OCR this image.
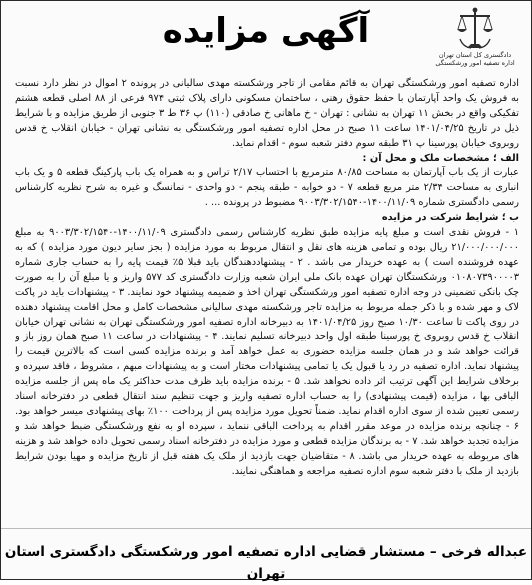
آگهی مزایده
دادگستری کل استان تهران
اداره تصفیه امور ورشکستگی

اداره تصفیه امور ورشکستگی تهران به قائم مقامی از تاجر ورشکسته مهدی سالیانی در پرونده ۲ اموال در نظر دارد نسبت به فروش یک واحد آپارتمان با حفظ حقوق رهنی ، ساختمان مسکونی دارای پلاک ثبتی ۹۷۴ فرعی از ۸۸ اصلی قطعه هشتم تفکیکی واقع در بخش ۱۱ تهران به نشانی : تهران - خ ماهانی خ صادقی (۱۱۰) پ ۳۶ ط ۳ جنوبی از طریق مزایده و با شرایط ذیل در تاریخ ۱۴۰۱/۰۴/۲۵ ساعت ۱۱ صبح در محل اداره تصفیه امور ورشکستگی به نشانی تهران - خیابان انقلاب خ قدس روبروی خیابان پورسینا پ ۳۱ طبقه سوم دفتر شعبه سوم - اقدام نماید.

الف ؛ مشخصات ملک و محل آن :

عبارت از یک باب آپارتمان به مساحت ۸۰/۸۵ مترمربع با احتساب ۲/۱۷ تراس و به همراه یک باب پارکینگ قطعه ۵ و یک باب انباری به مساحت ۲/۳۴ متر مربع قطعه ۷ - دو خوابه - طبقه پنجم - دو واحدی - نمانسگ و غیره به شرح نظریه کارشناس رسمی دادگستری شماره ۱۴۰۰/۱۱/۰۹-۹۰۰۳/۳۰۲/۱۵۴۰ مضبوط در پرونده ... .

ب ؛ شرایط شرکت در مزایده

۱ - فروش نقدی است و مبلغ پایه مزایده طبق نظریه کارشناس رسمی دادگستری ۱۴۰۰/۱۱/۰۹-۹۰۰۳/۳۰۲/۱۵۴۰ به مبلغ ۲۱/۰۰۰/۰۰۰/۰۰۰ ریال بوده و تمامی هزینه های نقل و انتقال مربوط به مورد مزایده ( بجز سایر دیون مورد مزایده ) که به عهده فروشنده است ) به عهده خریدار می باشد . ۲ - پیشنهاددهندگان باید قبلا ۵٪ قیمت پایه را به حساب جاری شماره ۰۱۰۸۰۷۳۹۰۰۰۰۳ ورشکستگان تهران عهده بانک ملی ایران شعبه وزارت دادگستری کد ۵۷۷ واریز و یا مبلغ آن را به صورت چک بانکی تضمینی در وجه اداره تصفیه امور ورشکستگی تهران اخذ و ضمیمه پیشنهاد خود نمایند. ۳ - پیشنهادات باید در پاکت لاک و مهر شده و با ذکر جمله مربوط به مزایده تاجر ورشکسته مهدی سالیانی مشخصات کامل و محل اقامت پیشنهاد دهنده در روی پاکت تا ساعت ۱۰/۳۰ صبح روز ۱۴۰۱/۰۴/۲۵ به دبیرخانه اداره تصفیه امور ورشکستگی تهران به نشانی تهران خیابان انقلاب خ قدس روبروی خ پورسینا طبقه اول واحد دبیرخانه تسلیم نمایند. ۴ - پیشنهادات در ساعت ۱۱ صبح همان روز باز و قرائت خواهد شد و در همان جلسه مزایده حضوری به عمل خواهد آمد و برنده مزایده کسی است که بالاترین قیمت را پیشنهاد نماید. اداره تصفیه در رد یا قبول یک یا تمامی پیشنهادات مختار است و به پیشنهادات مبهم ، مشروط ، فاقد سپرده و برخلاف شرایط این آگهی ترتیب اثر داده نخواهد شد. ۵ - برنده مزایده باید ظرف مدت حداکثر یک ماه پس از جلسه مزایده الباقی بها ، مزایده (قیمت پیشنهادی) را به حساب اداره تصفیه واریز و جهت تنظیم سند انتقال قطعی در دفترخانه اسناد رسمی تعیین شده از سوی اداره اقدام نماید. ضمناً تحویل مورد مزایده پس از پرداخت ۱۰۰٪ بهای پیشنهادی میسر خواهد بود. ۶ - چنانچه برنده مزایده در موعد مقرر اقدام به پرداخت الباقی ننماید ، سپرده او به نفع ورشکستگی ضبط خواهد شد و مزایده تجدید خواهد شد. ۷ - به برندگان مزایده قطعی و مورد مزایده در دفترخانه اسناد رسمی تحویل داده خواهد شد و هزینه های مربوطه به عهده خریدار می باشد. ۸ - متقاضیان جهت بازدید از ملک یک هفته قبل از تاریخ مزایده و مهیا بودن شرایط بازدید از ملک با دفتر شعبه سوم اداره تصفیه مراجعه و هماهنگی نمایند.

عبداله فرخی – مستشار قضایی اداره تصفیه امور ورشکستگی دادگستری استان تهران
